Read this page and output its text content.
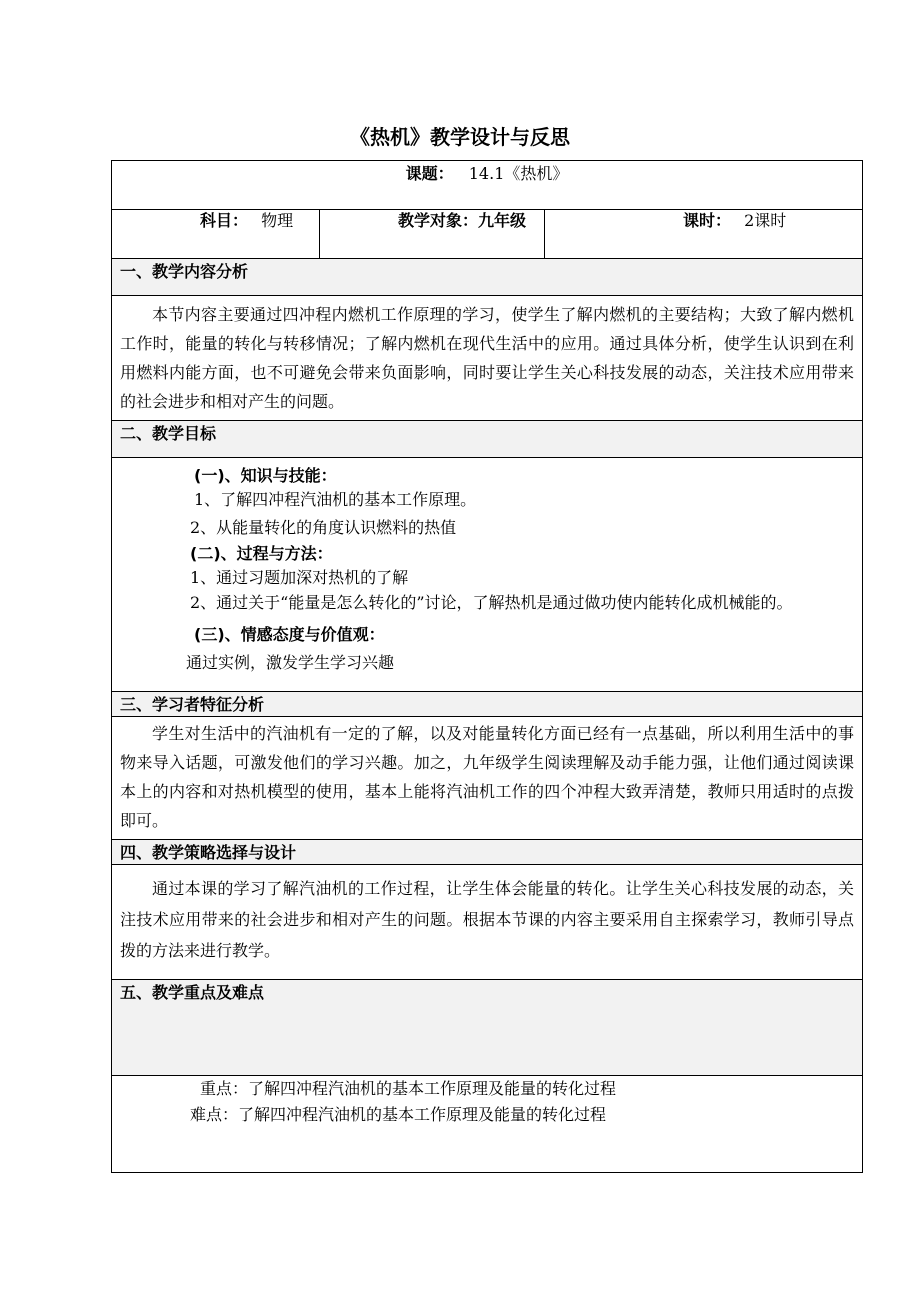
《热机》教学设计与反思
课题： 14.1《热机》
科目： 物理	教学对象：九年级	课时： 2课时
一、教学内容分析

本节内容主要通过四冲程内燃机工作原理的学习，使学生了解内燃机的主要结构；大致了解内燃机工作时，能量的转化与转移情况；了解内燃机在现代生活中的应用。通过具体分析，使学生认识到在利用燃料内能方面，也不可避免会带来负面影响，同时要让学生关心科技发展的动态，关注技术应用带来的社会进步和相对产生的问题。

二、教学目标

(一)、知识与技能：
1、了解四冲程汽油机的基本工作原理。
2、从能量转化的角度认识燃料的热值
(二)、过程与方法：
1、通过习题加深对热机的了解
2、通过关于“能量是怎么转化的”讨论，了解热机是通过做功使内能转化成机械能的。
(三)、情感态度与价值观：
通过实例，激发学生学习兴趣

三、学习者特征分析

学生对生活中的汽油机有一定的了解，以及对能量转化方面已经有一点基础，所以利用生活中的事物来导入话题，可激发他们的学习兴趣。加之，九年级学生阅读理解及动手能力强，让他们通过阅读课本上的内容和对热机模型的使用，基本上能将汽油机工作的四个冲程大致弄清楚，教师只用适时的点拨即可。

四、教学策略选择与设计

通过本课的学习了解汽油机的工作过程，让学生体会能量的转化。让学生关心科技发展的动态，关注技术应用带来的社会进步和相对产生的问题。根据本节课的内容主要采用自主探索学习，教师引导点拨的方法来进行教学。

五、教学重点及难点

重点：了解四冲程汽油机的基本工作原理及能量的转化过程
难点：了解四冲程汽油机的基本工作原理及能量的转化过程
